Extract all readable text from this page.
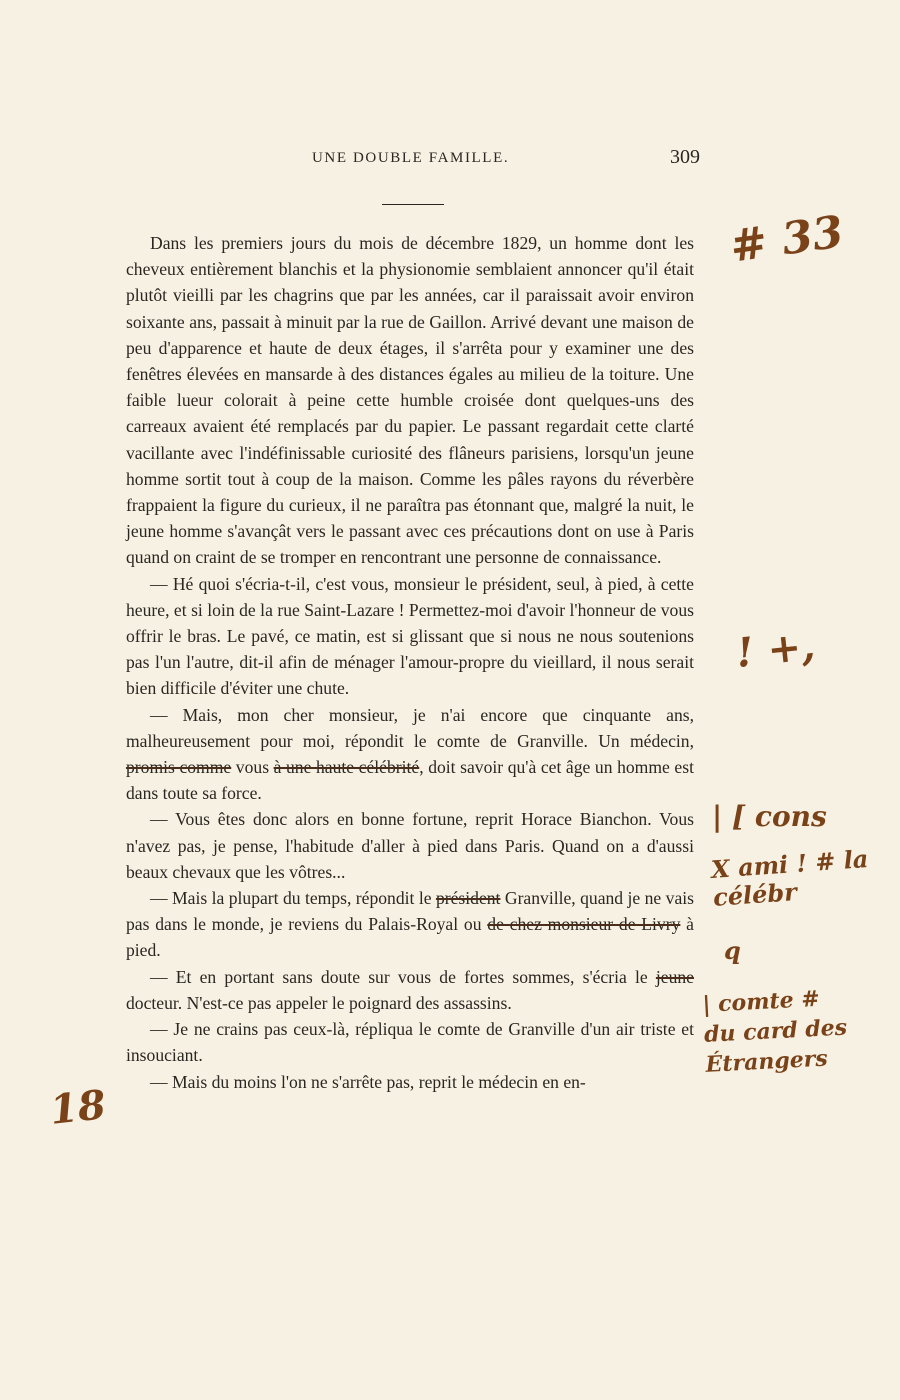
UNE DOUBLE FAMILLE.	309

Dans les premiers jours du mois de décembre 1829, un homme dont les cheveux entièrement blanchis et la physionomie semblaient annoncer qu'il était plutôt vieilli par les chagrins que par les années, car il paraissait avoir environ soixante ans, passait à minuit par la rue de Gaillon. Arrivé devant une maison de peu d'apparence et haute de deux étages, il s'arrêta pour y examiner une des fenêtres élevées en mansarde à des distances égales au milieu de la toiture. Une faible lueur colorait à peine cette humble croisée dont quelques-uns des carreaux avaient été remplacés par du papier. Le passant regardait cette clarté vacillante avec l'indéfinissable curiosité des flâneurs parisiens, lorsqu'un jeune homme sortit tout à coup de la maison. Comme les pâles rayons du réverbère frappaient la figure du curieux, il ne paraîtra pas étonnant que, malgré la nuit, le jeune homme s'avançât vers le passant avec ces précautions dont on use à Paris quand on craint de se tromper en rencontrant une personne de connaissance.

— Hé quoi s'écria-t-il, c'est vous, monsieur le président, seul, à pied, à cette heure, et si loin de la rue Saint-Lazare ! Permettez-moi d'avoir l'honneur de vous offrir le bras. Le pavé, ce matin, est si glissant que si nous ne nous soutenions pas l'un l'autre, dit-il afin de ménager l'amour-propre du vieillard, il nous serait bien difficile d'éviter une chute.

— Mais, mon cher monsieur, je n'ai encore que cinquante ans, malheureusement pour moi, répondit le comte de Granville. Un médecin, promis comme vous à une haute célébrité, doit savoir qu'à cet âge un homme est dans toute sa force.

— Vous êtes donc alors en bonne fortune, reprit Horace Bianchon. Vous n'avez pas, je pense, l'habitude d'aller à pied dans Paris. Quand on a d'aussi beaux chevaux que les vôtres...

— Mais la plupart du temps, répondit le président Granville, quand je ne vais pas dans le monde, je reviens du Palais-Royal ou de chez monsieur de Livry à pied.

— Et en portant sans doute sur vous de fortes sommes, s'écria le jeune docteur. N'est-ce pas appeler le poignard des assassins.

— Je ne crains pas ceux-là, répliqua le comte de Granville d'un air triste et insouciant.

— Mais du moins l'on ne s'arrête pas, reprit le médecin en en-

# 33
! +,
| [ cons
X ami ! # la célébr
q
| comte # du card des Étrangers
18
